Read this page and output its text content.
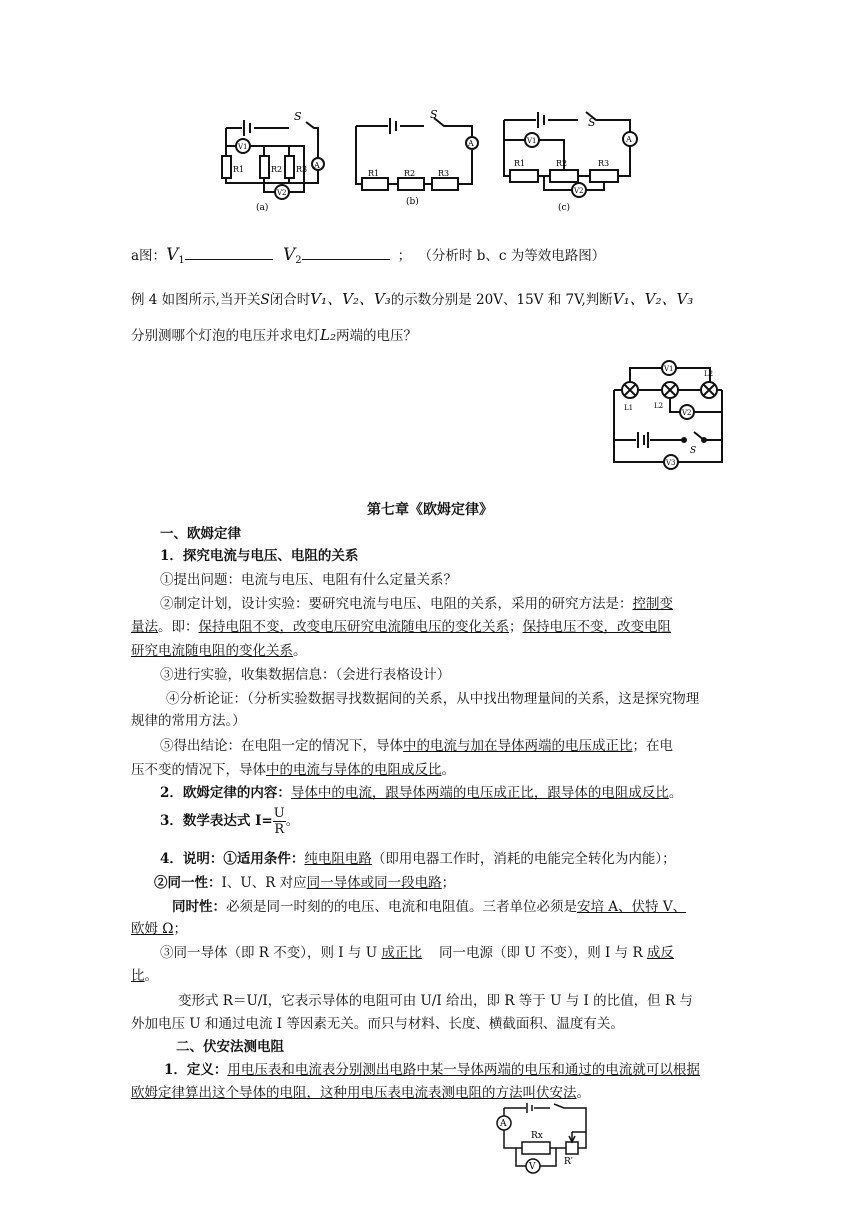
S
A
V1
V2
R1	R2 R3
(a)
S
A
R1	R2	R3
(b)
S
A
V1
V2
R1	R2	R3
(c)
a图：$V_1$	$V_2$	； （分析时 b、c 为等效电路图）
例 4 如图所示,当开关S闭合时V₁、V₂、V₃的示数分别是 20V、15V 和 7V,判断V₁、V₂、V₃
分别测哪个灯泡的电压并求电灯L₂两端的电压？
V1
V2
V3
L1	L2
L2
S
第七章《欧姆定律》
一、欧姆定律
1．探究电流与电压、电阻的关系
①提出问题：电流与电压、电阻有什么定量关系？
②制定计划，设计实验：要研究电流与电压、电阻的关系，采用的研究方法是：控制变
量法。即：保持电阻不变，改变电压研究电流随电压的变化关系；保持电压不变，改变电阻
研究电流随电阻的变化关系。
③进行实验，收集数据信息：（会进行表格设计）
④分析论证：（分析实验数据寻找数据间的关系，从中找出物理量间的关系，这是探究物理
规律的常用方法。）
⑤得出结论：在电阻一定的情况下，导体中的电流与加在导体两端的电压成正比；在电
压不变的情况下，导体中的电流与导体的电阻成反比。
2．欧姆定律的内容：导体中的电流，跟导体两端的电压成正比，跟导体的电阻成反比。
3．数学表达式 $I= \frac{U}{R}$ 。
4．说明：①适用条件：纯电阻电路（即用电器工作时，消耗的电能完全转化为内能）；
②同一性：I、U、R 对应同一导体或同一段电路；
同时性：必须是同一时刻的的电压、电流和电阻值。三者单位必须是安培 A、伏特 V、
欧姆 Ω；
③同一导体（即 R 不变），则 I 与 U 成正比    同一电源（即 U 不变），则 I 与 R 成反
比。
变形式 R＝U/I，它表示导体的电阻可由 U/I 给出，即 R 等于 U 与 I 的比值，但 R 与
外加电压 U 和通过电流 I 等因素无关。而只与材料、长度、横截面积、温度有关。
二、伏安法测电阻
1．定义：用电压表和电流表分别测出电路中某一导体两端的电压和通过的电流就可以根据
欧姆定律算出这个导体的电阻，这种用电压表电流表测电阻的方法叫伏安法。
A
V
Rx
R′
